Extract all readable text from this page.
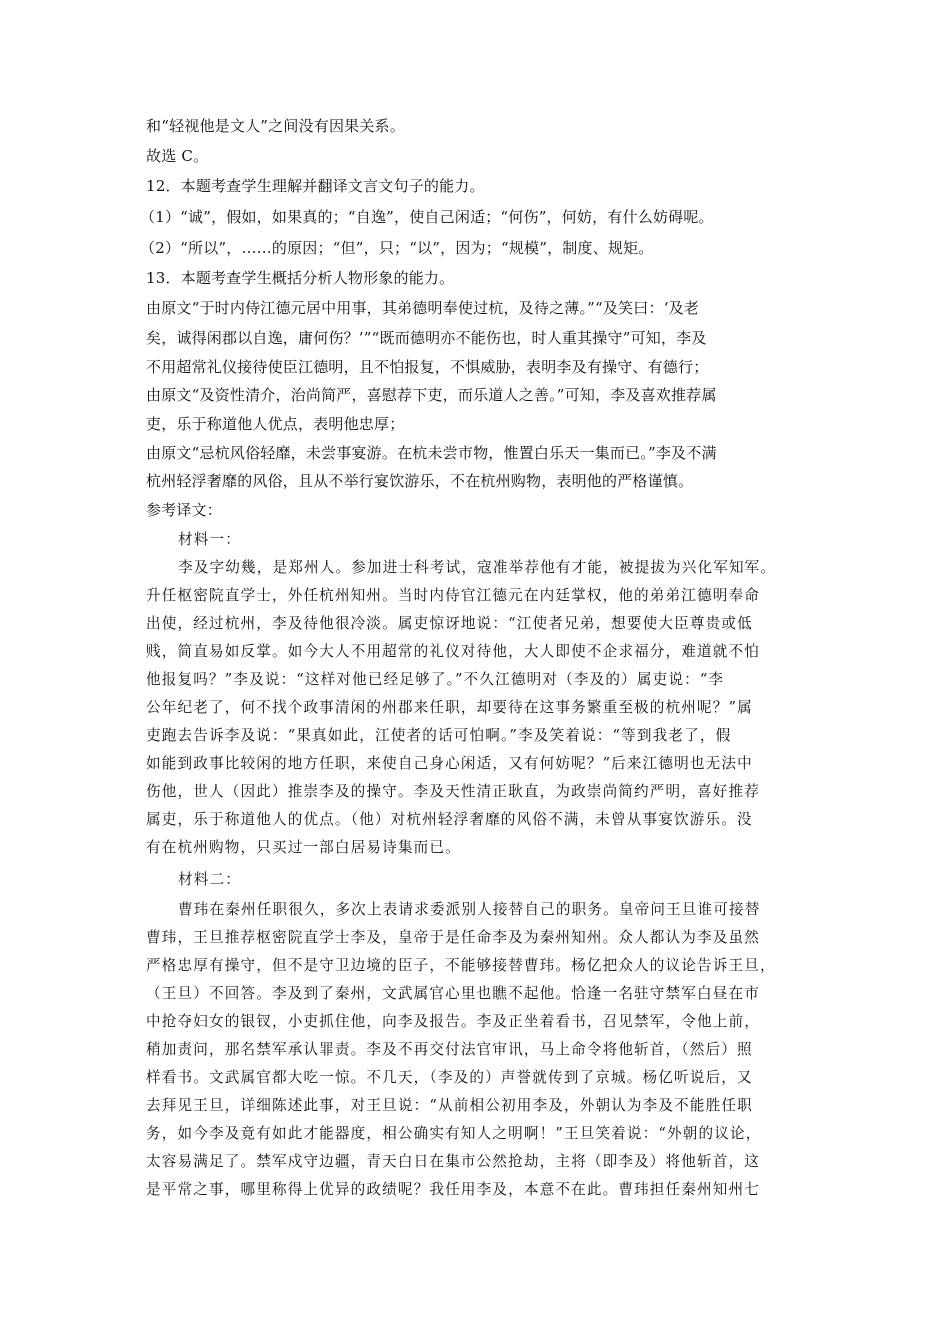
和“轻视他是文人”之间没有因果关系。
故选 C。
12．本题考查学生理解并翻译文言文句子的能力。
（1）“诚”，假如，如果真的；“自逸”，使自己闲适；“何伤”，何妨，有什么妨碍呢。
（2）“所以”，……的原因；“但”，只；“以”，因为；“规模”，制度、规矩。
13．本题考查学生概括分析人物形象的能力。
由原文“于时内侍江德元居中用事，其弟德明奉使过杭，及待之薄。”“及笑曰：‘及老
矣，诚得闲郡以自逸，庸何伤？’”“既而德明亦不能伤也，时人重其操守”可知，李及
不用超常礼仪接待使臣江德明，且不怕报复，不惧威胁，表明李及有操守、有德行；
由原文“及资性清介，治尚简严，喜慰荐下吏，而乐道人之善。”可知，李及喜欢推荐属
吏，乐于称道他人优点，表明他忠厚；
由原文“忌杭风俗轻靡，未尝事宴游。在杭未尝市物，惟置白乐天一集而已。”李及不满
杭州轻浮奢靡的风俗，且从不举行宴饮游乐，不在杭州购物，表明他的严格谨慎。
参考译文：
材料一：
李及字幼幾，是郑州人。参加进士科考试，寇准举荐他有才能，被提拔为兴化军知军。
升任枢密院直学士，外任杭州知州。当时内侍官江德元在内廷掌权，他的弟弟江德明奉命
出使，经过杭州，李及待他很冷淡。属吏惊讶地说：“江使者兄弟，想要使大臣尊贵或低
贱，简直易如反掌。如今大人不用超常的礼仪对待他，大人即使不企求福分，难道就不怕
他报复吗？”李及说：“这样对他已经足够了。”不久江德明对（李及的）属吏说：“李
公年纪老了，何不找个政事清闲的州郡来任职，却要待在这事务繁重至极的杭州呢？”属
吏跑去告诉李及说：“果真如此，江使者的话可怕啊。”李及笑着说：“等到我老了，假
如能到政事比较闲的地方任职，来使自己身心闲适，又有何妨呢？”后来江德明也无法中
伤他，世人（因此）推崇李及的操守。李及天性清正耿直，为政崇尚简约严明，喜好推荐
属吏，乐于称道他人的优点。（他）对杭州轻浮奢靡的风俗不满，未曾从事宴饮游乐。没
有在杭州购物，只买过一部白居易诗集而已。
材料二：
曹玮在秦州任职很久，多次上表请求委派别人接替自己的职务。皇帝问王旦谁可接替
曹玮，王旦推荐枢密院直学士李及，皇帝于是任命李及为秦州知州。众人都认为李及虽然
严格忠厚有操守，但不是守卫边境的臣子，不能够接替曹玮。杨亿把众人的议论告诉王旦，
（王旦）不回答。李及到了秦州，文武属官心里也瞧不起他。恰逢一名驻守禁军白昼在市
中抢夺妇女的银钗，小吏抓住他，向李及报告。李及正坐着看书，召见禁军，令他上前，
稍加责问，那名禁军承认罪责。李及不再交付法官审讯，马上命令将他斩首，（然后）照
样看书。文武属官都大吃一惊。不几天，（李及的）声誉就传到了京城。杨亿听说后，又
去拜见王旦，详细陈述此事，对王旦说：“从前相公初用李及，外朝认为李及不能胜任职
务，如今李及竟有如此才能器度，相公确实有知人之明啊！”王旦笑着说：“外朝的议论，
太容易满足了。禁军戍守边疆，青天白日在集市公然抢劫，主将（即李及）将他斩首，这
是平常之事，哪里称得上优异的政绩呢？我任用李及，本意不在此。曹玮担任秦州知州七
